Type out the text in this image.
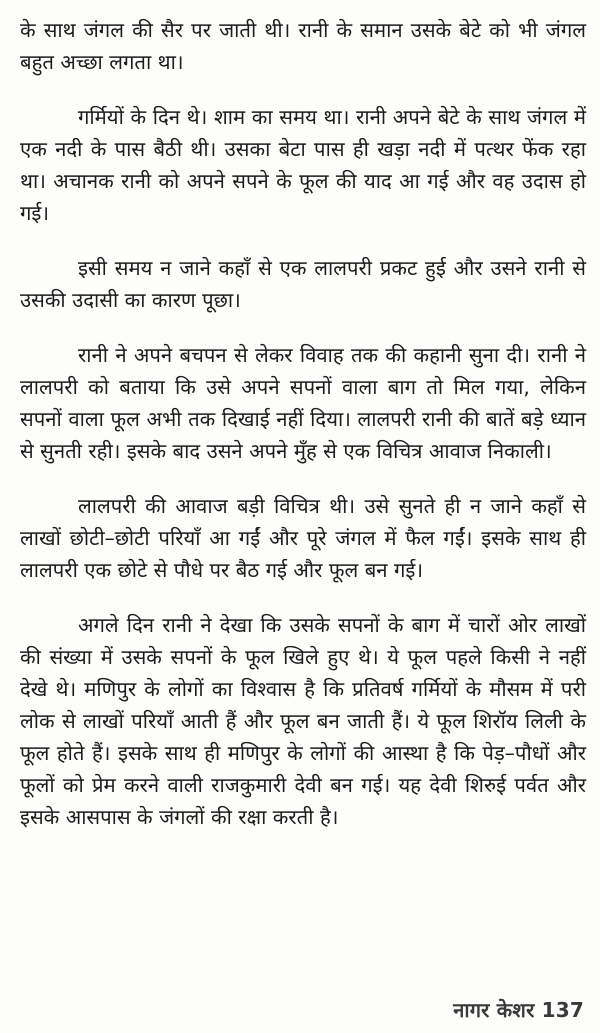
के साथ जंगल की सैर पर जाती थी। रानी के समान उसके बेटे को भी जंगल बहुत अच्छा लगता था।

गर्मियों के दिन थे। शाम का समय था। रानी अपने बेटे के साथ जंगल में एक नदी के पास बैठी थी। उसका बेटा पास ही खड़ा नदी में पत्थर फेंक रहा था। अचानक रानी को अपने सपने के फूल की याद आ गई और वह उदास हो गई।

इसी समय न जाने कहाँ से एक लालपरी प्रकट हुई और उसने रानी से उसकी उदासी का कारण पूछा।

रानी ने अपने बचपन से लेकर विवाह तक की कहानी सुना दी। रानी ने लालपरी को बताया कि उसे अपने सपनों वाला बाग तो मिल गया, लेकिन सपनों वाला फूल अभी तक दिखाई नहीं दिया। लालपरी रानी की बातें बड़े ध्यान से सुनती रही। इसके बाद उसने अपने मुँह से एक विचित्र आवाज निकाली।

लालपरी की आवाज बड़ी विचित्र थी। उसे सुनते ही न जाने कहाँ से लाखों छोटी–छोटी परियाँ आ गईं और पूरे जंगल में फैल गईं। इसके साथ ही लालपरी एक छोटे से पौधे पर बैठ गई और फूल बन गई।

अगले दिन रानी ने देखा कि उसके सपनों के बाग में चारों ओर लाखों की संख्या में उसके सपनों के फूल खिले हुए थे। ये फूल पहले किसी ने नहीं देखे थे। मणिपुर के लोगों का विश्वास है कि प्रतिवर्ष गर्मियों के मौसम में परी लोक से लाखों परियाँ आती हैं और फूल बन जाती हैं। ये फूल शिरॉय लिली के फूल होते हैं। इसके साथ ही मणिपुर के लोगों की आस्था है कि पेड़–पौधों और फूलों को प्रेम करने वाली राजकुमारी देवी बन गई। यह देवी शिरुई पर्वत और इसके आसपास के जंगलों की रक्षा करती है।

नागर केशर 137
